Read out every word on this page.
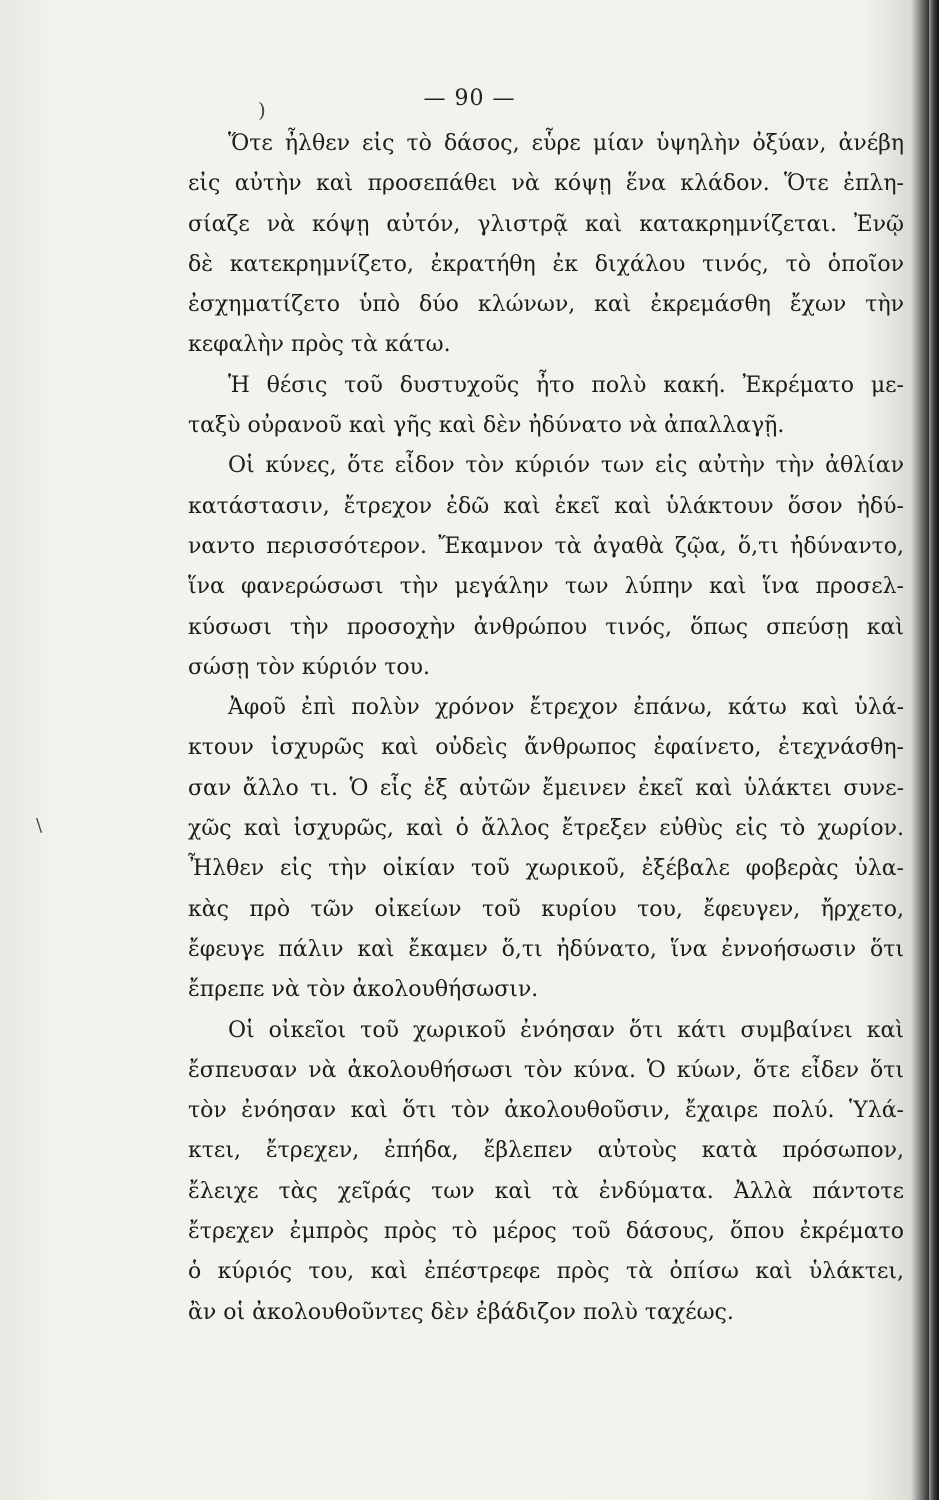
— 90 —
)
\
Ὅτε ἦλθεν εἰς τὸ δάσος, εὗρε μίαν ὑψηλὴν ὀξύαν, ἀνέβη
εἰς αὐτὴν καὶ προσεπάθει νὰ κόψῃ ἕνα κλάδον. Ὅτε ἐπλη-
σίαζε νὰ κόψῃ αὐτόν, γλιστρᾷ καὶ κατακρημνίζεται. Ἐνῷ
δὲ κατεκρημνίζετο, ἐκρατήθη ἐκ διχάλου τινός, τὸ ὁποῖον
ἐσχηματίζετο ὑπὸ δύο κλώνων, καὶ ἐκρεμάσθη ἔχων τὴν
κεφαλὴν πρὸς τὰ κάτω.
Ἡ θέσις τοῦ δυστυχοῦς ἦτο πολὺ κακή. Ἐκρέματο με-
ταξὺ οὐρανοῦ καὶ γῆς καὶ δὲν ἠδύνατο νὰ ἀπαλλαγῇ.
Οἱ κύνες, ὅτε εἶδον τὸν κύριόν των εἰς αὐτὴν τὴν ἀθλίαν
κατάστασιν, ἔτρεχον ἐδῶ καὶ ἐκεῖ καὶ ὑλάκτουν ὅσον ἠδύ-
ναντο περισσότερον. Ἔκαμνον τὰ ἀγαθὰ ζῷα, ὅ,τι ἠδύναντο,
ἵνα φανερώσωσι τὴν μεγάλην των λύπην καὶ ἵνα προσελ-
κύσωσι τὴν προσοχὴν ἀνθρώπου τινός, ὅπως σπεύσῃ καὶ
σώσῃ τὸν κύριόν του.
Ἀφοῦ ἐπὶ πολὺν χρόνον ἔτρεχον ἐπάνω, κάτω καὶ ὑλά-
κτουν ἰσχυρῶς καὶ οὐδεὶς ἄνθρωπος ἐφαίνετο, ἐτεχνάσθη-
σαν ἄλλο τι. Ὁ εἷς ἐξ αὐτῶν ἔμεινεν ἐκεῖ καὶ ὑλάκτει συνε-
χῶς καὶ ἰσχυρῶς, καὶ ὁ ἄλλος ἔτρεξεν εὐθὺς εἰς τὸ χωρίον.
Ἦλθεν εἰς τὴν οἰκίαν τοῦ χωρικοῦ, ἐξέβαλε φοβερὰς ὑλα-
κὰς πρὸ τῶν οἰκείων τοῦ κυρίου του, ἔφευγεν, ἤρχετο,
ἔφευγε πάλιν καὶ ἔκαμεν ὅ,τι ἠδύνατο, ἵνα ἐννοήσωσιν ὅτι
ἔπρεπε νὰ τὸν ἀκολουθήσωσιν.
Οἱ οἰκεῖοι τοῦ χωρικοῦ ἐνόησαν ὅτι κάτι συμβαίνει καὶ
ἔσπευσαν νὰ ἀκολουθήσωσι τὸν κύνα. Ὁ κύων, ὅτε εἶδεν ὅτι
τὸν ἐνόησαν καὶ ὅτι τὸν ἀκολουθοῦσιν, ἔχαιρε πολύ. Ὑλά-
κτει, ἔτρεχεν, ἐπήδα, ἔβλεπεν αὐτοὺς κατὰ πρόσωπον,
ἔλειχε τὰς χεῖράς των καὶ τὰ ἐνδύματα. Ἀλλὰ πάντοτε
ἔτρεχεν ἐμπρὸς πρὸς τὸ μέρος τοῦ δάσους, ὅπου ἐκρέματο
ὁ κύριός του, καὶ ἐπέστρεφε πρὸς τὰ ὀπίσω καὶ ὑλάκτει,
ἂν οἱ ἀκολουθοῦντες δὲν ἐβάδιζον πολὺ ταχέως.
